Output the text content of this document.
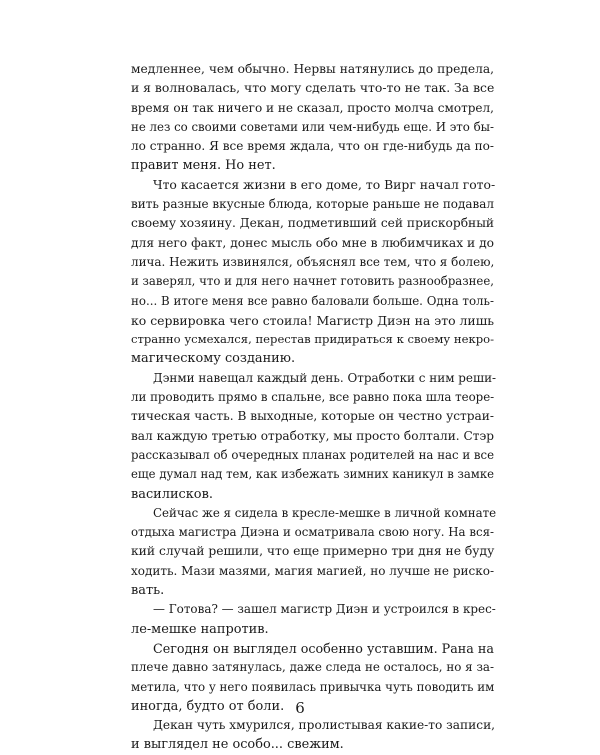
медленнее, чем обычно. Нервы натянулись до предела,
и я волновалась, что могу сделать что-то не так. За все
время он так ничего и не сказал, просто молча смотрел,
не лез со своими советами или чем-нибудь еще. И это бы-
ло странно. Я все время ждала, что он где-нибудь да по-
правит меня. Но нет.
Что касается жизни в его доме, то Вирг начал гото-
вить разные вкусные блюда, которые раньше не подавал
своему хозяину. Декан, подметивший сей прискорбный
для него факт, донес мысль обо мне в любимчиках и до
лича. Нежить извинялся, объяснял все тем, что я болею,
и заверял, что и для него начнет готовить разнообразнее,
но... В итоге меня все равно баловали больше. Одна толь-
ко сервировка чего стоила! Магистр Диэн на это лишь
странно усмехался, перестав придираться к своему некро-
магическому созданию.
Дэнми навещал каждый день. Отработки с ним реши-
ли проводить прямо в спальне, все равно пока шла теоре-
тическая часть. В выходные, которые он честно устраи-
вал каждую третью отработку, мы просто болтали. Стэр
рассказывал об очередных планах родителей на нас и все
еще думал над тем, как избежать зимних каникул в замке
василисков.
Сейчас же я сидела в кресле-мешке в личной комнате
отдыха магистра Диэна и осматривала свою ногу. На вся-
кий случай решили, что еще примерно три дня не буду
ходить. Мази мазями, магия магией, но лучше не риско-
вать.
— Готова? — зашел магистр Диэн и устроился в крес-
ле-мешке напротив.
Сегодня он выглядел особенно уставшим. Рана на
плече давно затянулась, даже следа не осталось, но я за-
метила, что у него появилась привычка чуть поводить им
иногда, будто от боли.
Декан чуть хмурился, пролистывая какие-то записи,
и выглядел не особо... свежим.
6
